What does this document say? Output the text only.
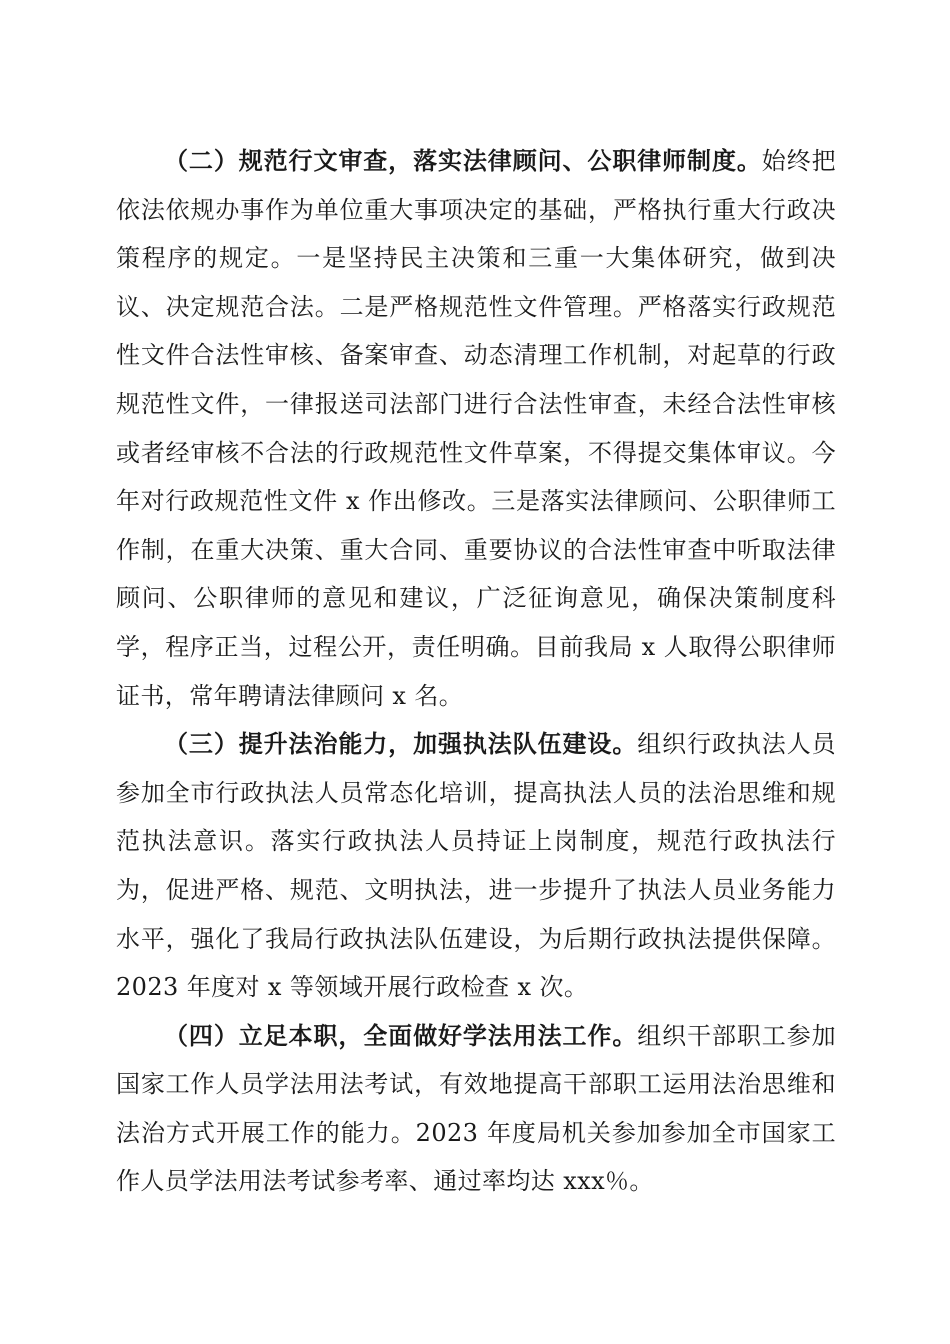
（二）规范行文审查，落实法律顾问、公职律师制度。始终把依法依规办事作为单位重大事项决定的基础，严格执行重大行政决策程序的规定。一是坚持民主决策和三重一大集体研究，做到决议、决定规范合法。二是严格规范性文件管理。严格落实行政规范性文件合法性审核、备案审查、动态清理工作机制，对起草的行政规范性文件，一律报送司法部门进行合法性审查，未经合法性审核或者经审核不合法的行政规范性文件草案，不得提交集体审议。今年对行政规范性文件 x 作出修改。三是落实法律顾问、公职律师工作制，在重大决策、重大合同、重要协议的合法性审查中听取法律顾问、公职律师的意见和建议，广泛征询意见，确保决策制度科学，程序正当，过程公开，责任明确。目前我局 x 人取得公职律师证书，常年聘请法律顾问 x 名。

（三）提升法治能力，加强执法队伍建设。组织行政执法人员参加全市行政执法人员常态化培训，提高执法人员的法治思维和规范执法意识。落实行政执法人员持证上岗制度，规范行政执法行为，促进严格、规范、文明执法，进一步提升了执法人员业务能力水平，强化了我局行政执法队伍建设，为后期行政执法提供保障。2023 年度对 x 等领域开展行政检查 x 次。

（四）立足本职，全面做好学法用法工作。组织干部职工参加国家工作人员学法用法考试，有效地提高干部职工运用法治思维和法治方式开展工作的能力。2023 年度局机关参加参加全市国家工作人员学法用法考试参考率、通过率均达 xxx％。
